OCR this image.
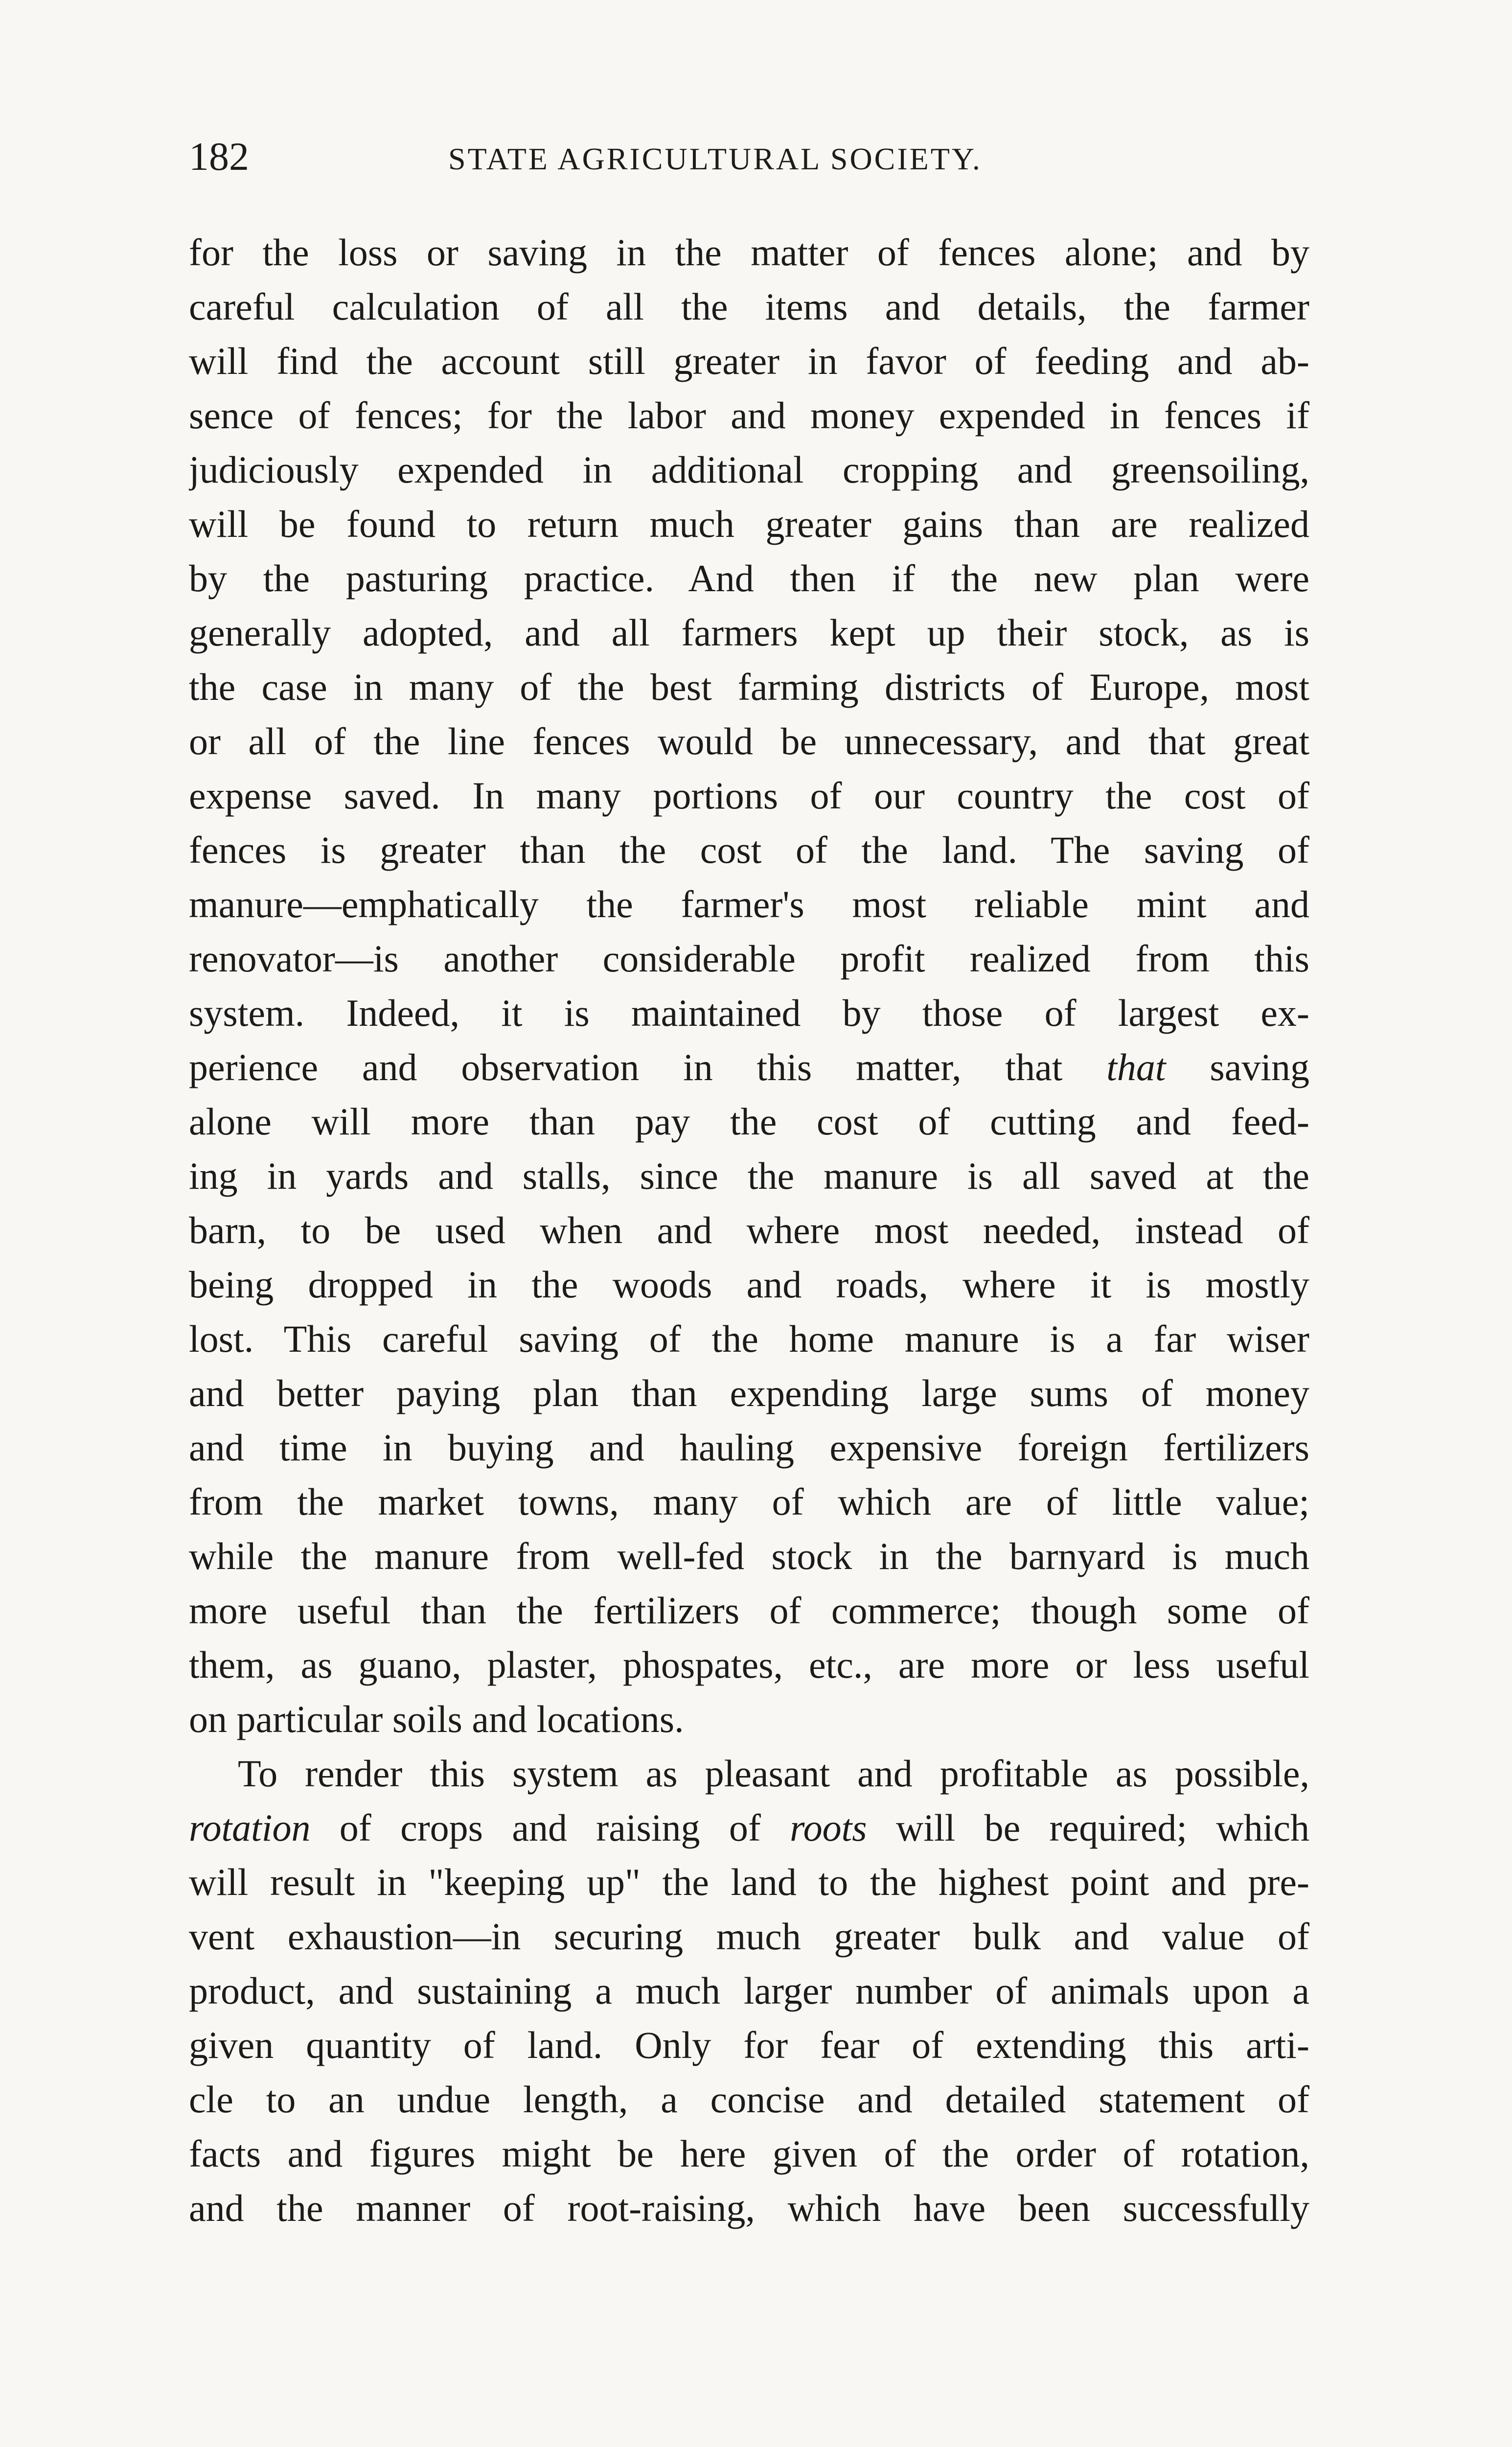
182	STATE AGRICULTURAL SOCIETY.
for the loss or saving in the matter of fences alone; and by
careful calculation of all the items and details, the farmer
will find the account still greater in favor of feeding and ab-
sence of fences; for the labor and money expended in fences if
judiciously expended in additional cropping and greensoiling,
will be found to return much greater gains than are realized
by the pasturing practice. And then if the new plan were
generally adopted, and all farmers kept up their stock, as is
the case in many of the best farming districts of Europe, most
or all of the line fences would be unnecessary, and that great
expense saved. In many portions of our country the cost of
fences is greater than the cost of the land. The saving of
manure—emphatically the farmer's most reliable mint and
renovator—is another considerable profit realized from this
system. Indeed, it is maintained by those of largest ex-
perience and observation in this matter, that that saving
alone will more than pay the cost of cutting and feed-
ing in yards and stalls, since the manure is all saved at the
barn, to be used when and where most needed, instead of
being dropped in the woods and roads, where it is mostly
lost. This careful saving of the home manure is a far wiser
and better paying plan than expending large sums of money
and time in buying and hauling expensive foreign fertilizers
from the market towns, many of which are of little value;
while the manure from well-fed stock in the barnyard is much
more useful than the fertilizers of commerce; though some of
them, as guano, plaster, phospates, etc., are more or less useful
on particular soils and locations.
To render this system as pleasant and profitable as possible,
rotation of crops and raising of roots will be required; which
will result in "keeping up" the land to the highest point and pre-
vent exhaustion—in securing much greater bulk and value of
product, and sustaining a much larger number of animals upon a
given quantity of land. Only for fear of extending this arti-
cle to an undue length, a concise and detailed statement of
facts and figures might be here given of the order of rotation,
and the manner of root-raising, which have been successfully
